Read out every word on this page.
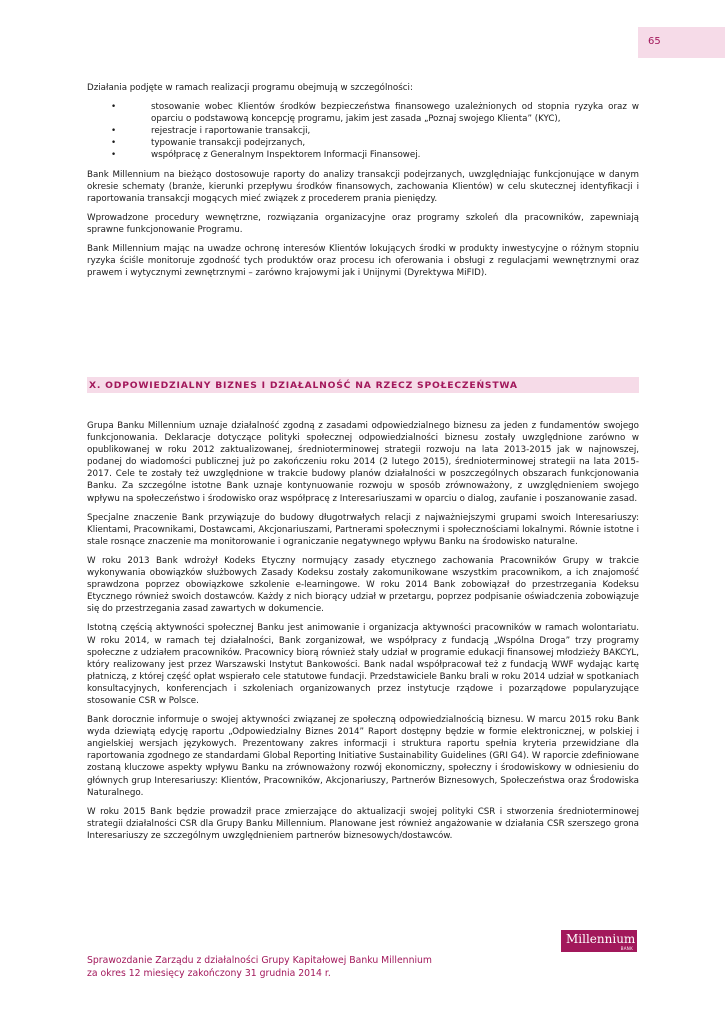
65

Działania podjęte w ramach realizacji programu obejmują w szczególności:

•	stosowanie wobec Klientów środków bezpieczeństwa finansowego uzależnionych od stopnia ryzyka oraz w oparciu o podstawową koncepcję programu, jakim jest zasada „Poznaj swojego Klienta” (KYC),
•	rejestracje i raportowanie transakcji,
•	typowanie transakcji podejrzanych,
•	współpracę z Generalnym Inspektorem Informacji Finansowej.

Bank Millennium na bieżąco dostosowuje raporty do analizy transakcji podejrzanych, uwzględniając funkcjonujące w danym okresie schematy (branże, kierunki przepływu środków finansowych, zachowania Klientów) w celu skutecznej identyfikacji i raportowania transakcji mogących mieć związek z procederem prania pieniędzy.

Wprowadzone procedury wewnętrzne, rozwiązania organizacyjne oraz programy szkoleń dla pracowników, zapewniają sprawne funkcjonowanie Programu.

Bank Millennium mając na uwadze ochronę interesów Klientów lokujących środki w produkty inwestycyjne o różnym stopniu ryzyka ściśle monitoruje zgodność tych produktów oraz procesu ich oferowania i obsługi z regulacjami wewnętrznymi oraz prawem i wytycznymi zewnętrznymi – zarówno krajowymi jak i Unijnymi (Dyrektywa MiFID).

X. ODPOWIEDZIALNY BIZNES I DZIAŁALNOŚĆ NA RZECZ SPOŁECZEŃSTWA

Grupa Banku Millennium uznaje działalność zgodną z zasadami odpowiedzialnego biznesu za jeden z fundamentów swojego funkcjonowania. Deklaracje dotyczące polityki społecznej odpowiedzialności biznesu zostały uwzględnione zarówno w opublikowanej w roku 2012 zaktualizowanej, średnioterminowej strategii rozwoju na lata 2013-2015 jak w najnowszej, podanej do wiadomości publicznej już po zakończeniu roku 2014 (2 lutego 2015), średnioterminowej strategii na lata 2015-2017. Cele te zostały też uwzględnione w trakcie budowy planów działalności w poszczególnych obszarach funkcjonowania Banku. Za szczególne istotne Bank uznaje kontynuowanie rozwoju w sposób zrównoważony, z uwzględnieniem swojego wpływu na społeczeństwo i środowisko oraz współpracę z Interesariuszami w oparciu o dialog, zaufanie i poszanowanie zasad.

Specjalne znaczenie Bank przywiązuje do budowy długotrwałych relacji z najważniejszymi grupami swoich Interesariuszy: Klientami, Pracownikami, Dostawcami, Akcjonariuszami, Partnerami społecznymi i społecznościami lokalnymi. Równie istotne i stale rosnące znaczenie ma monitorowanie i ograniczanie negatywnego wpływu Banku na środowisko naturalne.

W roku 2013 Bank wdrożył Kodeks Etyczny normujący zasady etycznego zachowania Pracowników Grupy w trakcie wykonywania obowiązków służbowych Zasady Kodeksu zostały zakomunikowane wszystkim pracownikom, a ich znajomość sprawdzona poprzez obowiązkowe szkolenie e-learningowe. W roku 2014 Bank zobowiązał do przestrzegania Kodeksu Etycznego również swoich dostawców. Każdy z nich biorący udział w przetargu, poprzez podpisanie oświadczenia zobowiązuje się do przestrzegania zasad zawartych w dokumencie.

Istotną częścią aktywności społecznej Banku jest animowanie i organizacja aktywności pracowników w ramach wolontariatu. W roku 2014, w ramach tej działalności, Bank zorganizował, we współpracy z fundacją „Wspólna Droga” trzy programy społeczne z udziałem pracowników. Pracownicy biorą również stały udział w programie edukacji finansowej młodzieży BAKCYL, który realizowany jest przez Warszawski Instytut Bankowości. Bank nadal współpracował też z fundacją WWF wydając kartę płatniczą, z której część opłat wspierało cele statutowe fundacji. Przedstawiciele Banku brali w roku 2014 udział w spotkaniach konsultacyjnych, konferencjach i szkoleniach organizowanych przez instytucje rządowe i pozarządowe popularyzujące stosowanie CSR w Polsce.

Bank dorocznie informuje o swojej aktywności związanej ze społeczną odpowiedzialnością biznesu. W marcu 2015 roku Bank wyda dziewiątą edycję raportu „Odpowiedzialny Biznes 2014” Raport dostępny będzie w formie elektronicznej, w polskiej i angielskiej wersjach językowych. Prezentowany zakres informacji i struktura raportu spełnia kryteria przewidziane dla raportowania zgodnego ze standardami Global Reporting Initiative Sustainability Guidelines (GRI G4). W raporcie zdefiniowane zostaną kluczowe aspekty wpływu Banku na zrównoważony rozwój ekonomiczny, społeczny i środowiskowy w odniesieniu do głównych grup Interesariuszy: Klientów, Pracowników, Akcjonariuszy, Partnerów Biznesowych, Społeczeństwa oraz Środowiska Naturalnego.

W roku 2015 Bank będzie prowadził prace zmierzające do aktualizacji swojej polityki CSR i stworzenia średnioterminowej strategii działalności CSR dla Grupy Banku Millennium. Planowane jest również angażowanie w działania CSR szerszego grona Interesariuszy ze szczególnym uwzględnieniem partnerów biznesowych/dostawców.

Millennium
BANK
Sprawozdanie Zarządu z działalności Grupy Kapitałowej Banku Millennium
za okres 12 miesięcy zakończony 31 grudnia 2014 r.
